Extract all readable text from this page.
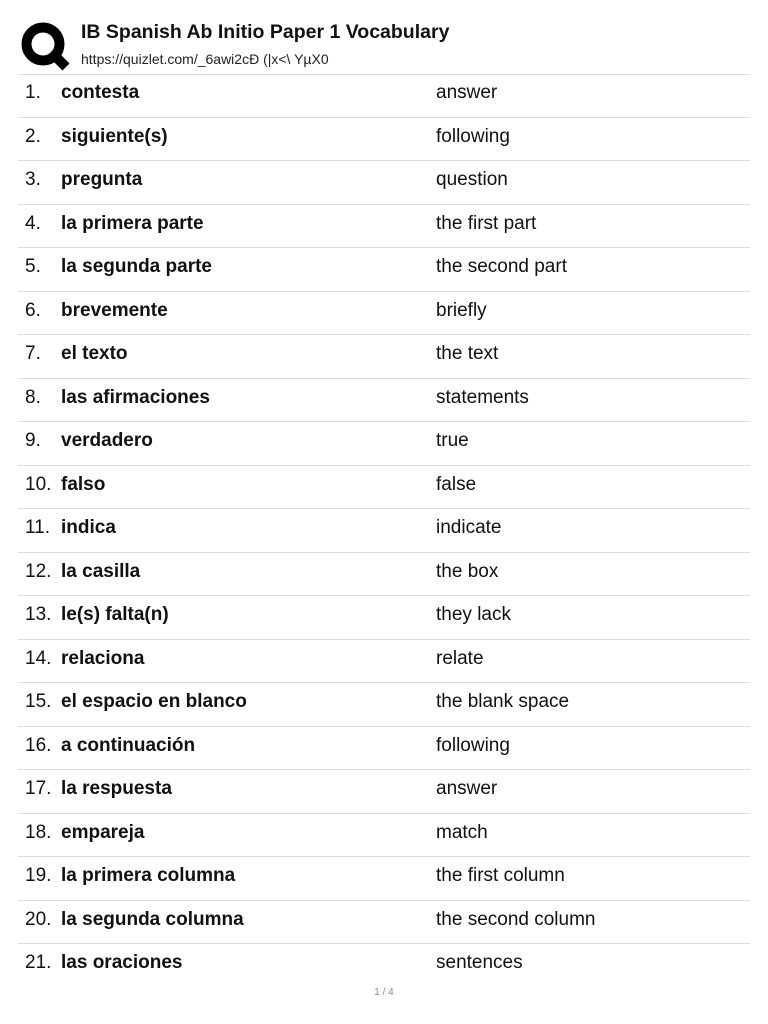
IB Spanish Ab Initio Paper 1 Vocabulary
https://quizlet.com/_6awi2cĐ (|x<\ YµX0
1. contesta	answer
2. siguiente(s)	following
3. pregunta	question
4. la primera parte	the first part
5. la segunda parte	the second part
6. brevemente	briefly
7. el texto	the text
8. las afirmaciones	statements
9. verdadero	true
10. falso	false
11. indica	indicate
12. la casilla	the box
13. le(s) falta(n)	they lack
14. relaciona	relate
15. el espacio en blanco	the blank space
16. a continuación	following
17. la respuesta	answer
18. empareja	match
19. la primera columna	the first column
20. la segunda columna	the second column
21. las oraciones	sentences
1 / 4
